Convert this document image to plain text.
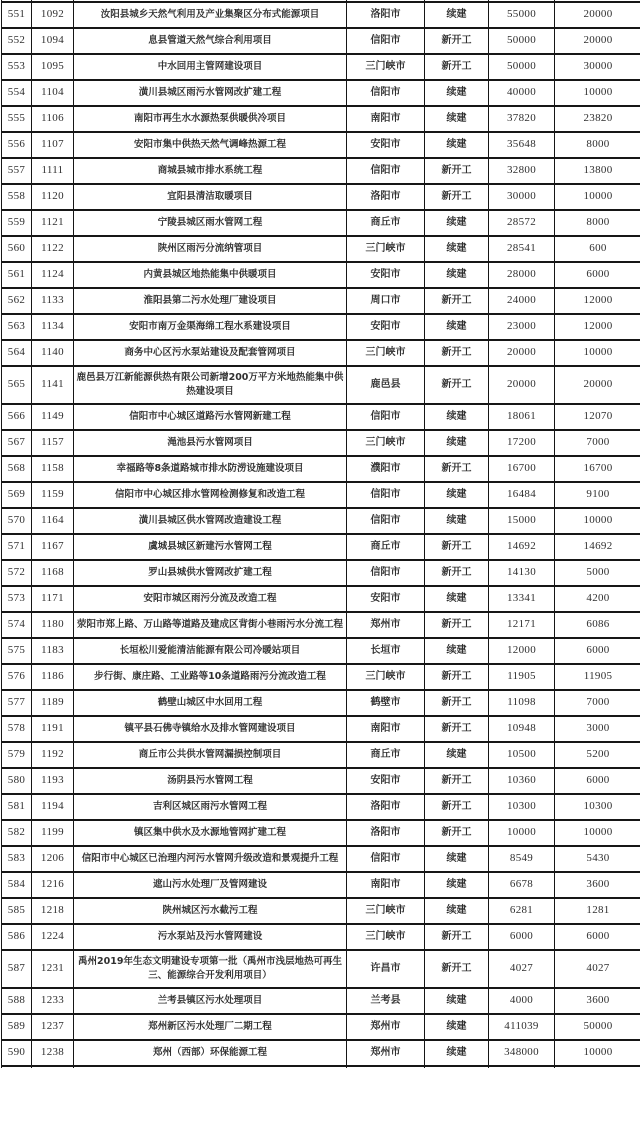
551	1092	汝阳县城乡天然气利用及产业集聚区分布式能源项目	洛阳市	续建	55000	20000
552	1094	息县管道天然气综合利用项目	信阳市	新开工	50000	20000
553	1095	中水回用主管网建设项目	三门峡市	新开工	50000	30000
554	1104	潢川县城区雨污水管网改扩建工程	信阳市	续建	40000	10000
555	1106	南阳市再生水水源热泵供暖供冷项目	南阳市	续建	37820	23820
556	1107	安阳市集中供热天然气调峰热源工程	安阳市	续建	35648	8000
557	1111	商城县城市排水系统工程	信阳市	新开工	32800	13800
558	1120	宜阳县清洁取暖项目	洛阳市	新开工	30000	10000
559	1121	宁陵县城区雨水管网工程	商丘市	续建	28572	8000
560	1122	陕州区雨污分流纳管项目	三门峡市	续建	28541	600
561	1124	内黄县城区地热能集中供暖项目	安阳市	续建	28000	6000
562	1133	淮阳县第二污水处理厂建设项目	周口市	新开工	24000	12000
563	1134	安阳市南万金渠海绵工程水系建设项目	安阳市	续建	23000	12000
564	1140	商务中心区污水泵站建设及配套管网项目	三门峡市	新开工	20000	10000
565	1141	鹿邑县万江新能源供热有限公司新增200万平方米地热能集中供热建设项目	鹿邑县	新开工	20000	20000
566	1149	信阳市中心城区道路污水管网新建工程	信阳市	续建	18061	12070
567	1157	渑池县污水管网项目	三门峡市	续建	17200	7000
568	1158	幸福路等8条道路城市排水防涝设施建设项目	濮阳市	新开工	16700	16700
569	1159	信阳市中心城区排水管网检测修复和改造工程	信阳市	续建	16484	9100
570	1164	潢川县城区供水管网改造建设工程	信阳市	续建	15000	10000
571	1167	虞城县城区新建污水管网工程	商丘市	新开工	14692	14692
572	1168	罗山县城供水管网改扩建工程	信阳市	新开工	14130	5000
573	1171	安阳市城区雨污分流及改造工程	安阳市	续建	13341	4200
574	1180	荥阳市郑上路、万山路等道路及建成区背街小巷雨污水分流工程	郑州市	新开工	12171	6086
575	1183	长垣松川爱能清洁能源有限公司冷暖站项目	长垣市	续建	12000	6000
576	1186	步行街、康庄路、工业路等10条道路雨污分流改造工程	三门峡市	新开工	11905	11905
577	1189	鹤壁山城区中水回用工程	鹤壁市	新开工	11098	7000
578	1191	镇平县石佛寺镇给水及排水管网建设项目	南阳市	新开工	10948	3000
579	1192	商丘市公共供水管网漏损控制项目	商丘市	续建	10500	5200
580	1193	汤阴县污水管网工程	安阳市	新开工	10360	6000
581	1194	吉利区城区雨污水管网工程	洛阳市	新开工	10300	10300
582	1199	镇区集中供水及水源地管网扩建工程	洛阳市	新开工	10000	10000
583	1206	信阳市中心城区已治理内河污水管网升级改造和景观提升工程	信阳市	续建	8549	5430
584	1216	遮山污水处理厂及管网建设	南阳市	续建	6678	3600
585	1218	陕州城区污水截污工程	三门峡市	续建	6281	1281
586	1224	污水泵站及污水管网建设	三门峡市	新开工	6000	6000
587	1231	禹州2019年生态文明建设专项第一批（禹州市浅层地热可再生三、能源综合开发利用项目）	许昌市	新开工	4027	4027
588	1233	兰考县镇区污水处理项目	兰考县	续建	4000	3600
589	1237	郑州新区污水处理厂二期工程	郑州市	续建	411039	50000
590	1238	郑州（西部）环保能源工程	郑州市	续建	348000	10000
